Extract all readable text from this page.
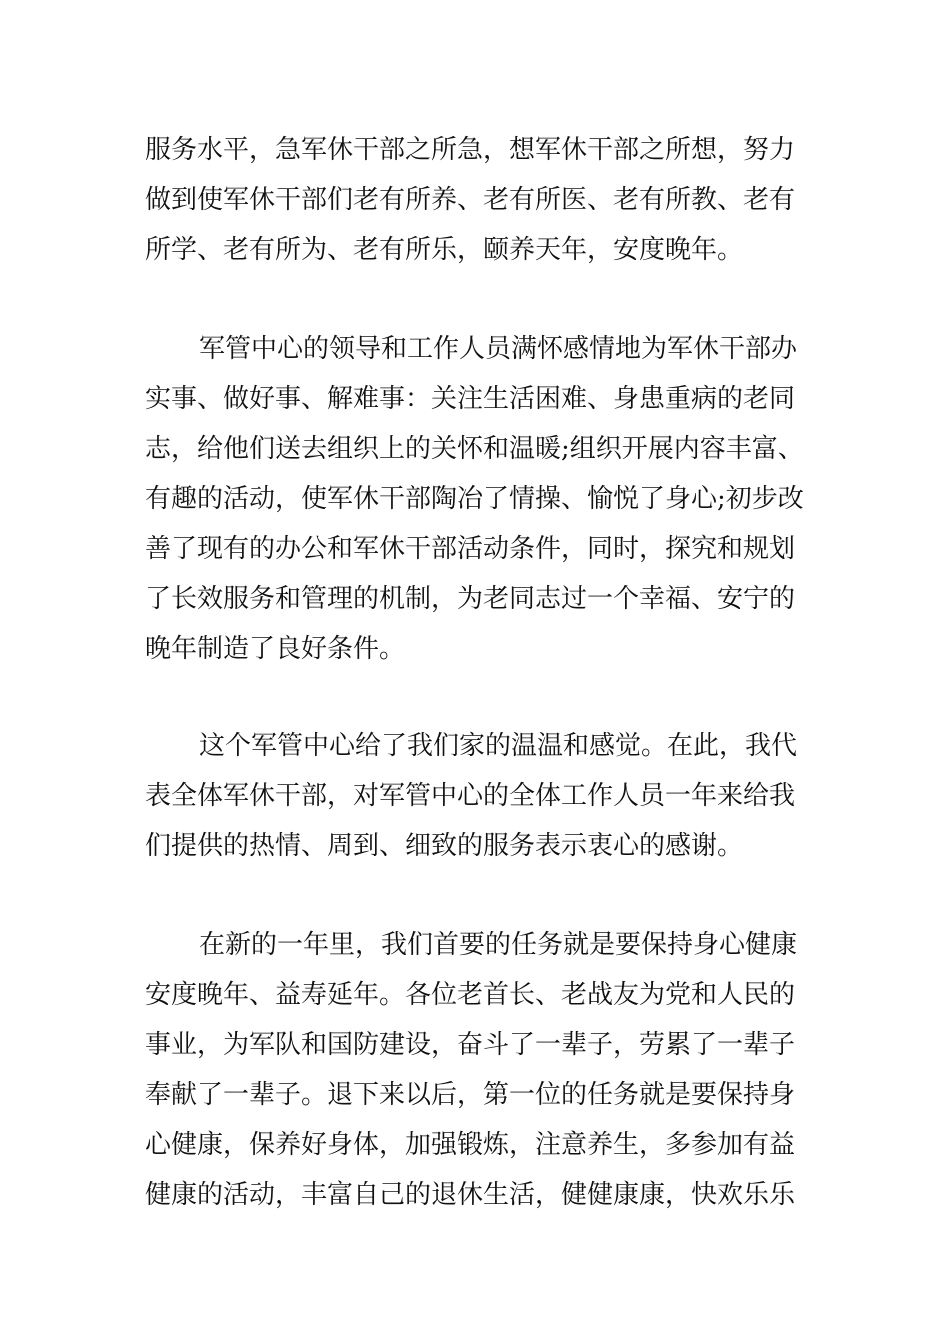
服务水平，急军休干部之所急，想军休干部之所想，努力
做到使军休干部们老有所养、老有所医、老有所教、老有
所学、老有所为、老有所乐，颐养天年，安度晚年。
军管中心的领导和工作人员满怀感情地为军休干部办
实事、做好事、解难事：关注生活困难、身患重病的老同
志，给他们送去组织上的关怀和温暖;组织开展内容丰富、
有趣的活动，使军休干部陶冶了情操、愉悦了身心;初步改
善了现有的办公和军休干部活动条件，同时，探究和规划
了长效服务和管理的机制，为老同志过一个幸福、安宁的
晚年制造了良好条件。
这个军管中心给了我们家的温温和感觉。在此，我代
表全体军休干部，对军管中心的全体工作人员一年来给我
们提供的热情、周到、细致的服务表示衷心的感谢。
在新的一年里，我们首要的任务就是要保持身心健康
安度晚年、益寿延年。各位老首长、老战友为党和人民的
事业，为军队和国防建设，奋斗了一辈子，劳累了一辈子
奉献了一辈子。退下来以后，第一位的任务就是要保持身
心健康，保养好身体，加强锻炼，注意养生，多参加有益
健康的活动，丰富自己的退休生活，健健康康，快欢乐乐
